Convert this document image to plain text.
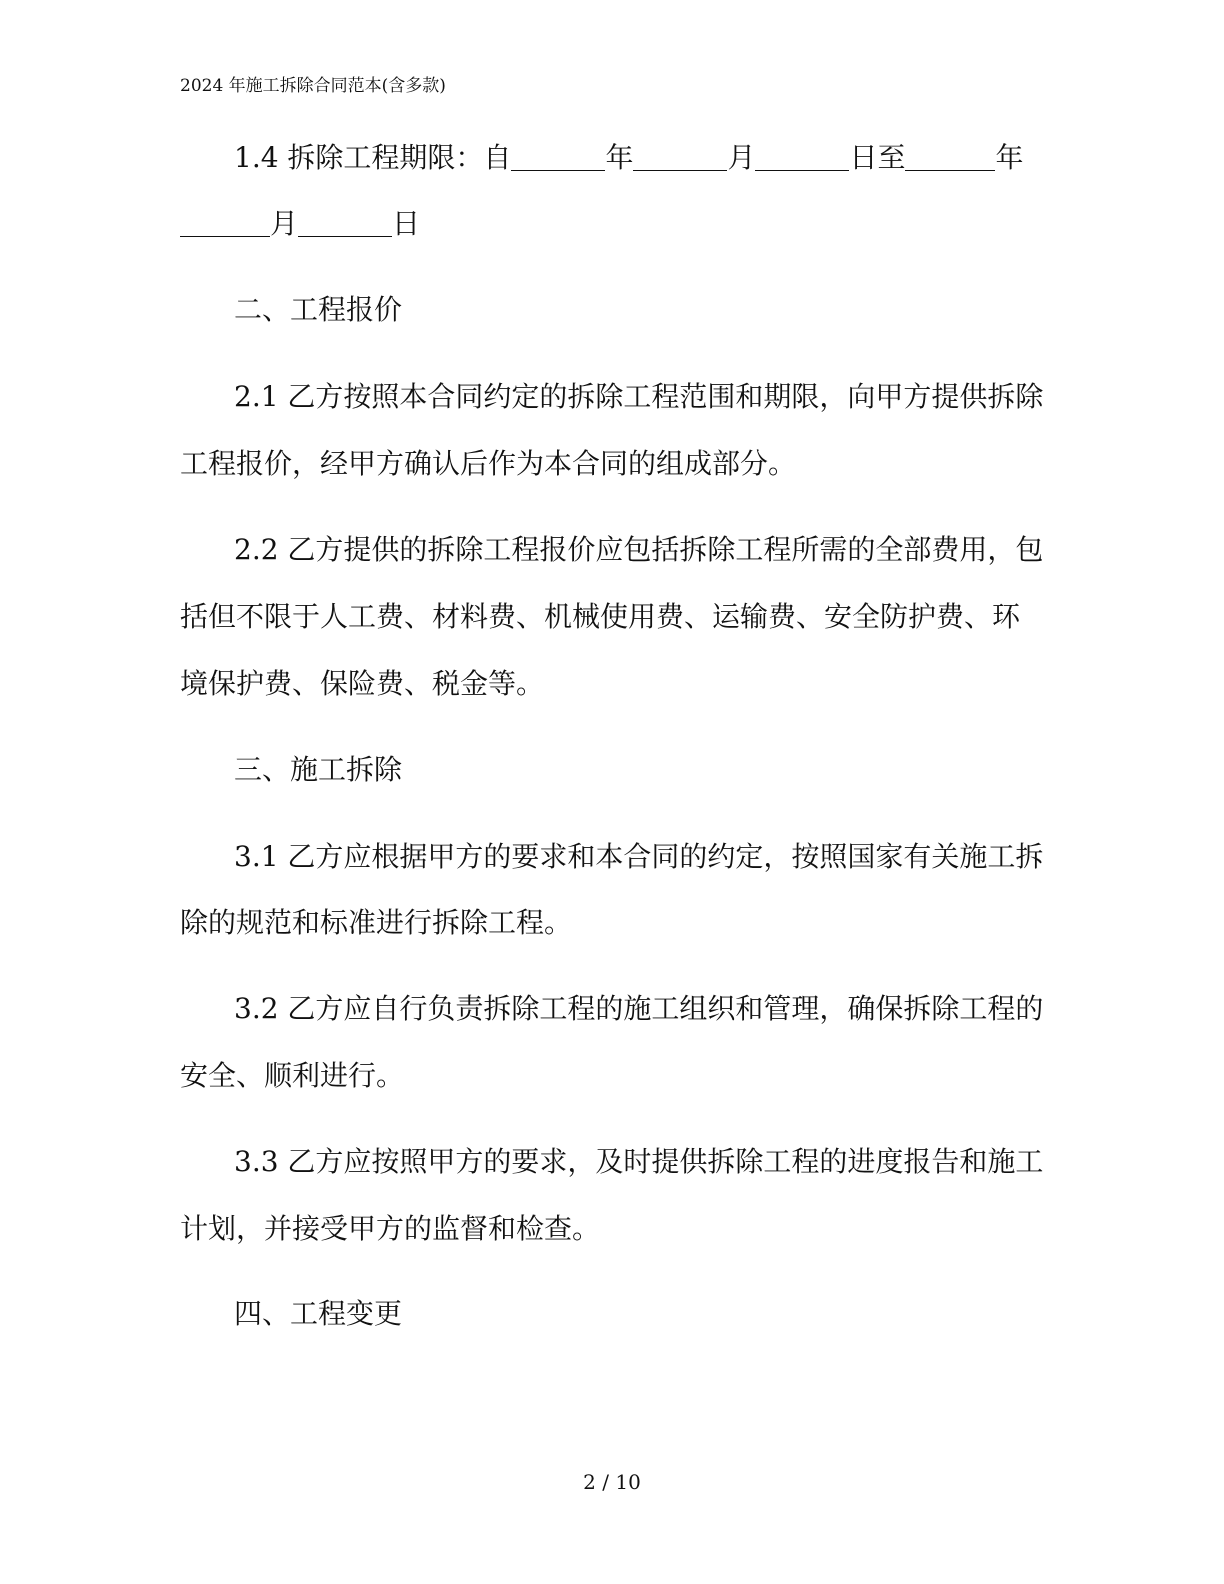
2024 年施工拆除合同范本(含多款)
1.4 拆除工程期限：自	年	月	日至	年
月	日
二、工程报价
2.1 乙方按照本合同约定的拆除工程范围和期限，向甲方提供拆除
工程报价，经甲方确认后作为本合同的组成部分。
2.2 乙方提供的拆除工程报价应包括拆除工程所需的全部费用，包
括但不限于人工费、材料费、机械使用费、运输费、安全防护费、环
境保护费、保险费、税金等。
三、施工拆除
3.1 乙方应根据甲方的要求和本合同的约定，按照国家有关施工拆
除的规范和标准进行拆除工程。
3.2 乙方应自行负责拆除工程的施工组织和管理，确保拆除工程的
安全、顺利进行。
3.3 乙方应按照甲方的要求，及时提供拆除工程的进度报告和施工
计划，并接受甲方的监督和检查。
四、工程变更
2 / 10
